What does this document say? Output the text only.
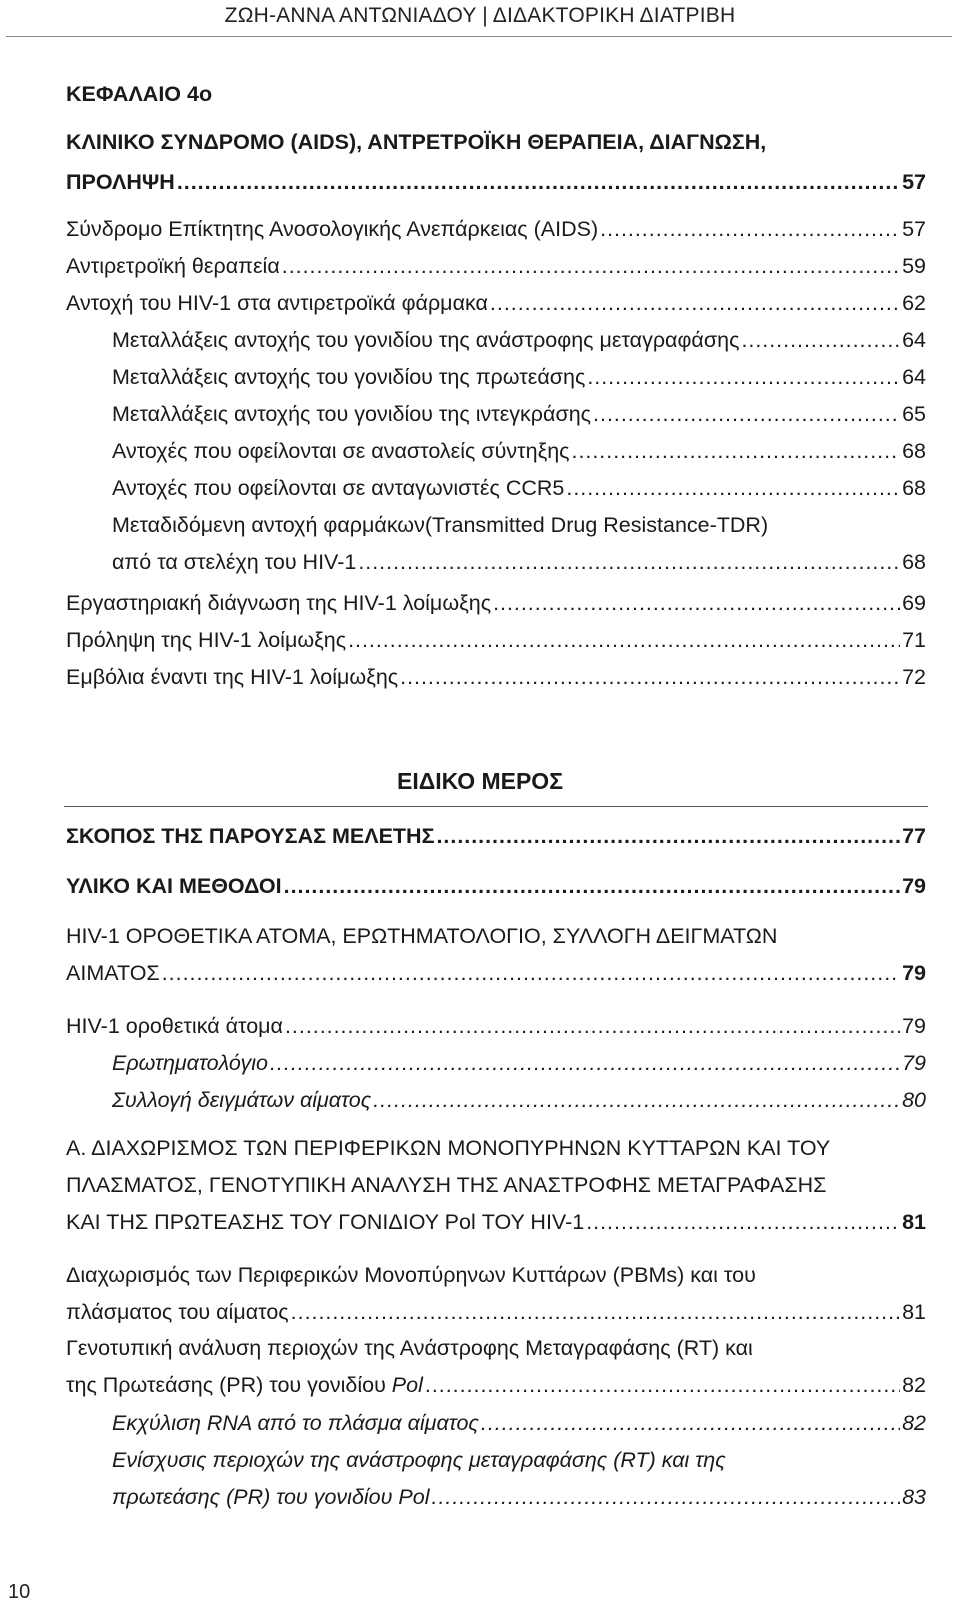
ΖΩΗ-ΑΝΝΑ ΑΝΤΩΝΙΑΔΟΥ | ΔΙΔΑΚΤΟΡΙΚΗ ΔΙΑΤΡΙΒΗ
ΚΕΦΑΛΑΙΟ 4ο
ΚΛΙΝΙΚΟ ΣΥΝΔΡΟΜΟ (AIDS), ΑΝΤΡΕΤΡΟΪΚΗ ΘΕΡΑΠΕΙΑ, ΔΙΑΓΝΩΣΗ,
ΠΡΟΛΗΨΗ . . .	57
Σύνδρομο Επίκτητης Ανοσολογικής Ανεπάρκειας (AIDS) . . .	57
Αντιρετροϊκή θεραπεία . . .	59
Αντοχή του HIV-1 στα αντιρετροϊκά φάρμακα . . .	62
Μεταλλάξεις αντοχής του γονιδίου της ανάστροφης μεταγραφάσης . . .	64
Μεταλλάξεις αντοχής του γονιδίου της πρωτεάσης . . .	64
Μεταλλάξεις αντοχής του γονιδίου της ιντεγκράσης . . .	65
Αντοχές που οφείλονται σε αναστολείς σύντηξης . . .	68
Αντοχές που οφείλονται σε ανταγωνιστές CCR5 . . .	68
Μεταδιδόμενη αντοχή φαρμάκων(Transmitted Drug Resistance-TDR)
από τα στελέχη του HIV-1 . . .	68
Εργαστηριακή διάγνωση της HIV-1 λοίμωξης . . .	69
Πρόληψη της HIV-1 λοίμωξης . . .	71
Εμβόλια έναντι της HIV-1 λοίμωξης . . .	72
ΕΙΔΙΚΟ ΜΕΡΟΣ
ΣΚΟΠΟΣ ΤΗΣ ΠΑΡΟΥΣΑΣ ΜΕΛΕΤΗΣ . . .	77
ΥΛΙΚΟ ΚΑΙ ΜΕΘΟΔΟΙ . . .	79
HIV-1 ΟΡΟΘΕΤΙΚΑ ΑΤΟΜΑ, ΕΡΩΤΗΜΑΤΟΛΟΓΙΟ, ΣΥΛΛΟΓΗ ΔΕΙΓΜΑΤΩΝ
ΑΙΜΑΤΟΣ . . .	79
HIV-1 οροθετικά άτομα . . .	79
Ερωτηματολόγιο . . .	79
Συλλογή δειγμάτων αίματος . . .	80
Α. ΔΙΑΧΩΡΙΣΜΟΣ ΤΩΝ ΠΕΡΙΦΕΡΙΚΩΝ ΜΟΝΟΠΥΡΗΝΩΝ ΚΥΤΤΑΡΩΝ ΚΑΙ ΤΟΥ
ΠΛΑΣΜΑΤΟΣ, ΓΕΝΟΤΥΠΙΚΗ ΑΝΑΛΥΣΗ ΤΗΣ ΑΝΑΣΤΡΟΦΗΣ ΜΕΤΑΓΡΑΦΑΣΗΣ
ΚΑΙ ΤΗΣ ΠΡΩΤΕΑΣΗΣ ΤΟΥ ΓΟΝΙΔΙΟΥ Pol ΤΟΥ HIV-1 . . .	81
Διαχωρισμός των Περιφερικών Μονοπύρηνων Κυττάρων (PBMs) και του
πλάσματος του αίματος . . .	81
Γενοτυπική ανάλυση περιοχών της Ανάστροφης Μεταγραφάσης (RT) και
της Πρωτεάσης (PR) του γονιδίου Pol . . .	82
Εκχύλιση RNA από το πλάσμα αίματος . . .	82
Ενίσχυσις περιοχών της ανάστροφης μεταγραφάσης (RT) και της
πρωτεάσης (PR) του γονιδίου Pol . . .	83
10
